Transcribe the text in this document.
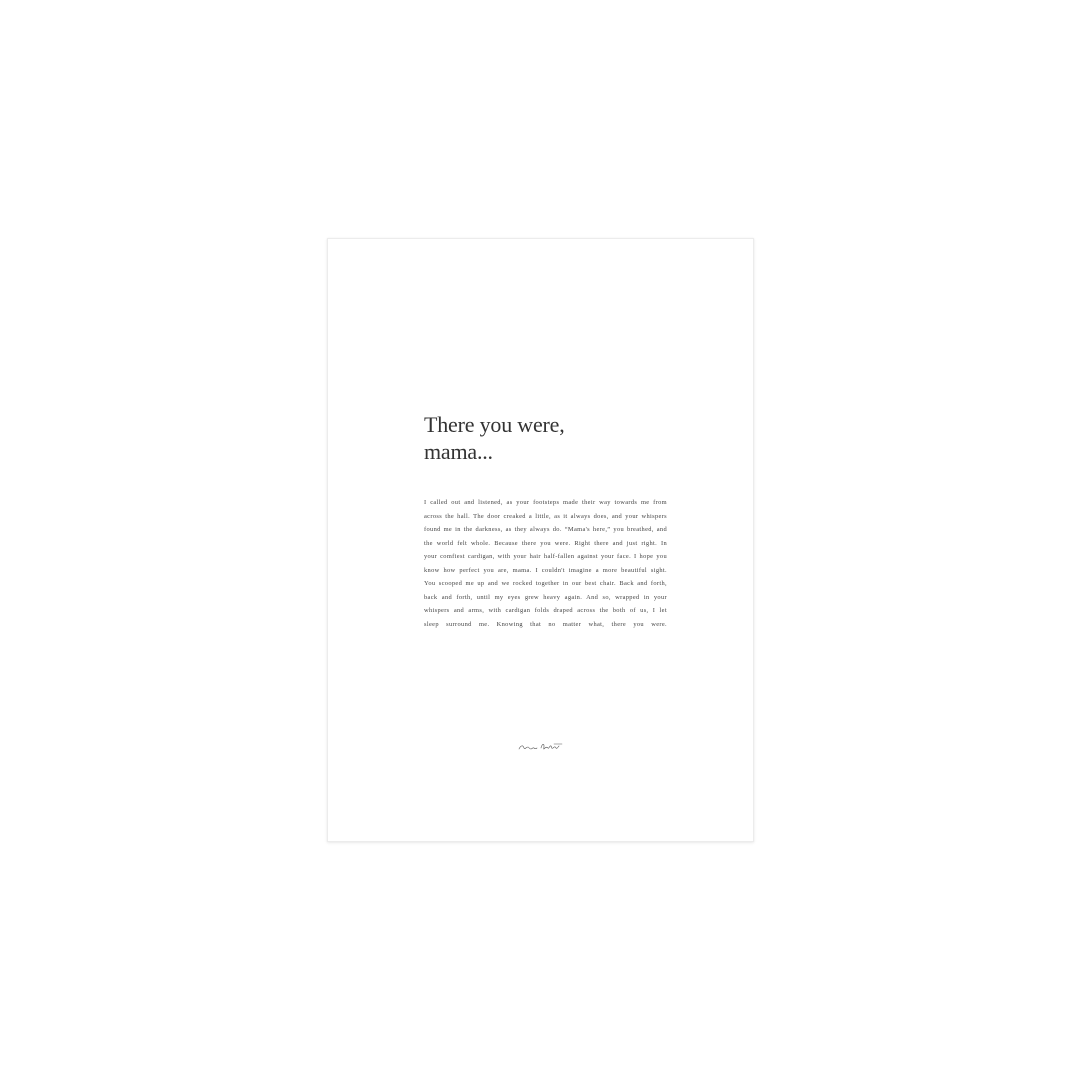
There you were,
mama...

I called out and listened, as your footsteps made their way towards me from across the hall. The door creaked a little, as it always does, and your whispers found me in the darkness, as they always do. “Mama's here,” you breathed, and the world felt whole. Because there you were. Right there and just right. In your comfiest cardigan, with your hair half-fallen against your face. I hope you know how perfect you are, mama. I couldn't imagine a more beautiful sight. You scooped me up and we rocked together in our best chair. Back and forth, back and forth, until my eyes grew heavy again. And so, wrapped in your whispers and arms, with cardigan folds draped across the both of us, I let sleep surround me. Knowing that no matter what, there you were.
